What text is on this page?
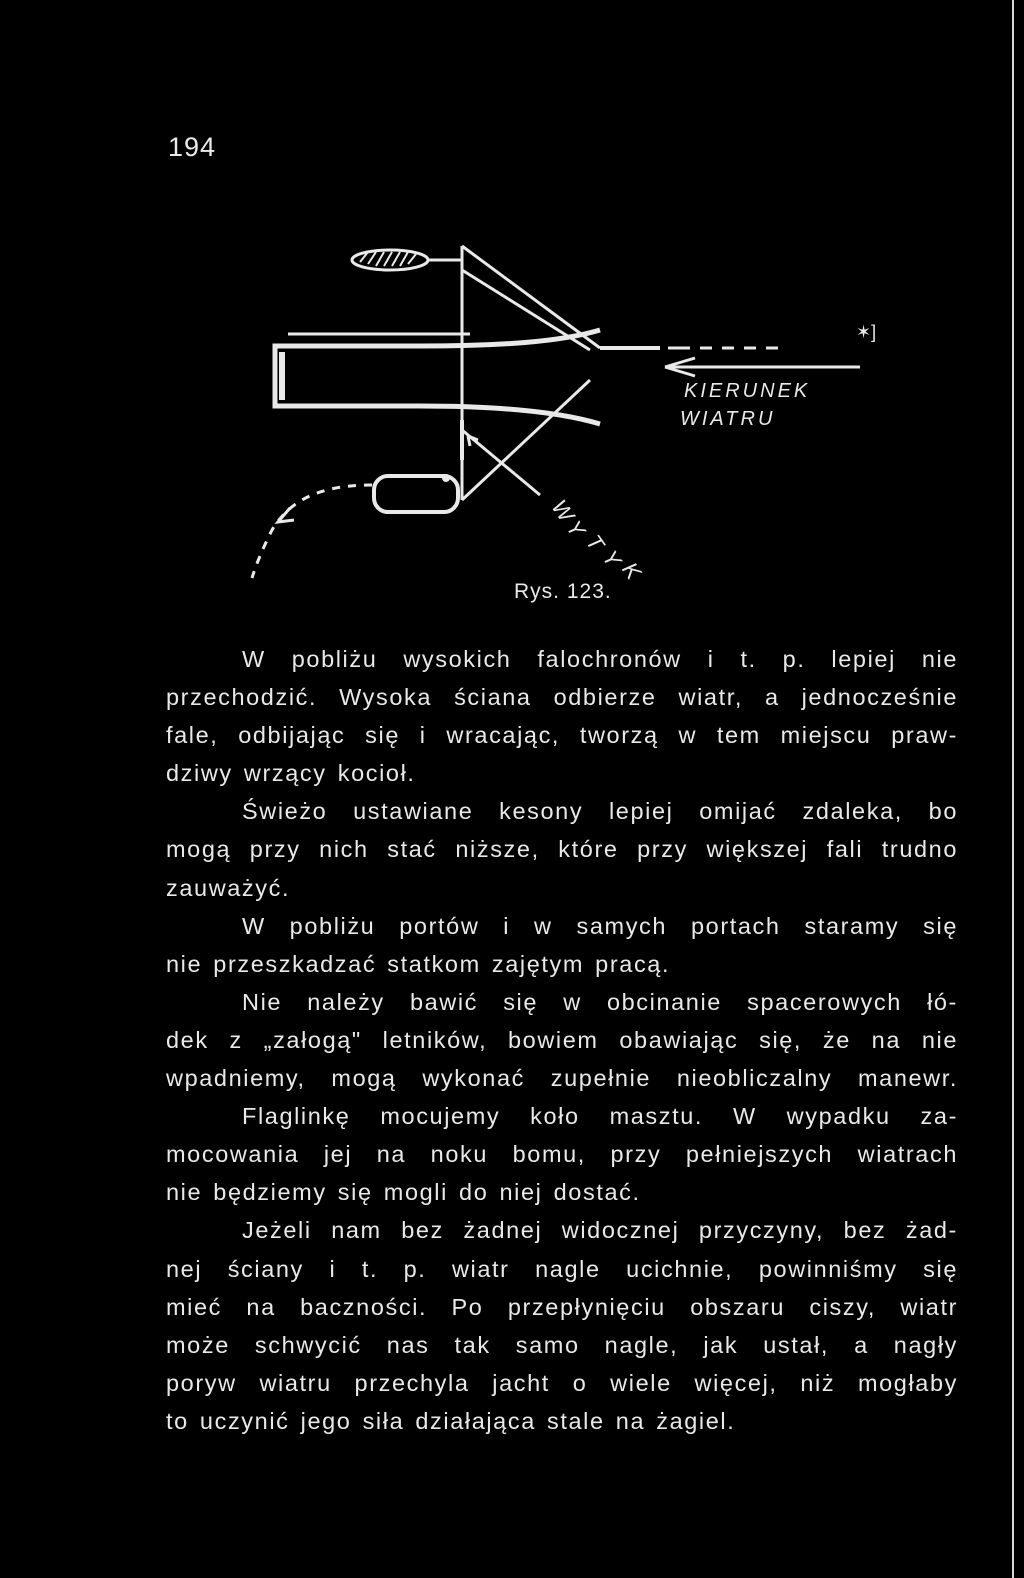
194
KIERUNEK
WIATRU
W
Y
T
Y
K
✶]
Rys. 123.
W pobliżu wysokich falochronów i t. p. lepiej nie
przechodzić. Wysoka ściana odbierze wiatr, a jednocześnie
fale, odbijając się i wracając, tworzą w tem miejscu praw-
dziwy wrzący kocioł.
Świeżo ustawiane kesony lepiej omijać zdaleka, bo
mogą przy nich stać niższe, które przy większej fali trudno
zauważyć.
W pobliżu portów i w samych portach staramy się
nie przeszkadzać statkom zajętym pracą.
Nie należy bawić się w obcinanie spacerowych łó-
dek z „załogą" letników, bowiem obawiając się, że na nie
wpadniemy, mogą wykonać zupełnie nieobliczalny manewr.
Flaglinkę mocujemy koło masztu. W wypadku za-
mocowania jej na noku bomu, przy pełniejszych wiatrach
nie będziemy się mogli do niej dostać.
Jeżeli nam bez żadnej widocznej przyczyny, bez żad-
nej ściany i t. p. wiatr nagle ucichnie, powinniśmy się
mieć na baczności. Po przepłynięciu obszaru ciszy, wiatr
może schwycić nas tak samo nagle, jak ustał, a nagły
poryw wiatru przechyla jacht o wiele więcej, niż mogłaby
to uczynić jego siła działająca stale na żagiel.
